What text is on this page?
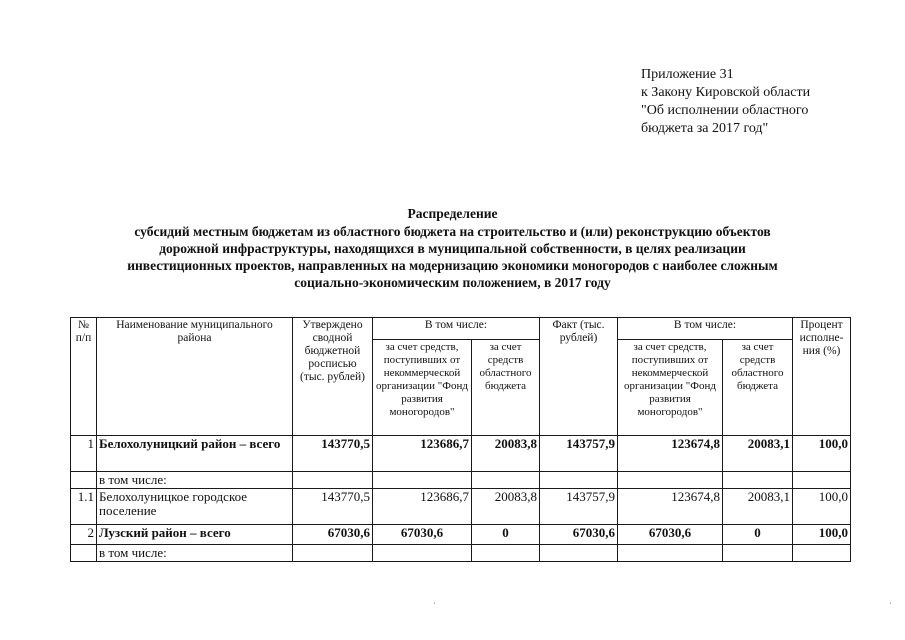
Приложение 31
к Закону Кировской области
"Об исполнении областного
бюджета за 2017 год"
Распределение
субсидий местным бюджетам из областного бюджета на строительство и (или) реконструкцию объектов
дорожной инфраструктуры, находящихся в муниципальной собственности, в целях реализации
инвестиционных проектов, направленных на модернизацию экономики моногородов с наиболее сложным
социально-экономическим положением, в 2017 году
№ п/п	Наименование муниципального района	Утверждено сводной бюджетной росписью (тыс. рублей)	В том числе:		Факт (тыс. рублей)	В том числе:		Процент исполне-ния (%)
			за счет средств, поступивших от некоммерческой организации "Фонд развития моногородов"	за счет средств областного бюджета		за счет средств, поступивших от некоммерческой организации "Фонд развития моногородов"	за счет средств областного бюджета	
1	Белохолуницкий район – всего	143770,5	123686,7	20083,8	143757,9	123674,8	20083,1	100,0
	в том числе:							
1.1	Белохолуницкое городское поселение	143770,5	123686,7	20083,8	143757,9	123674,8	20083,1	100,0
2	Лузский район – всего	67030,6	67030,6	0	67030,6	67030,6	0	100,0
	в том числе:							
·	·
